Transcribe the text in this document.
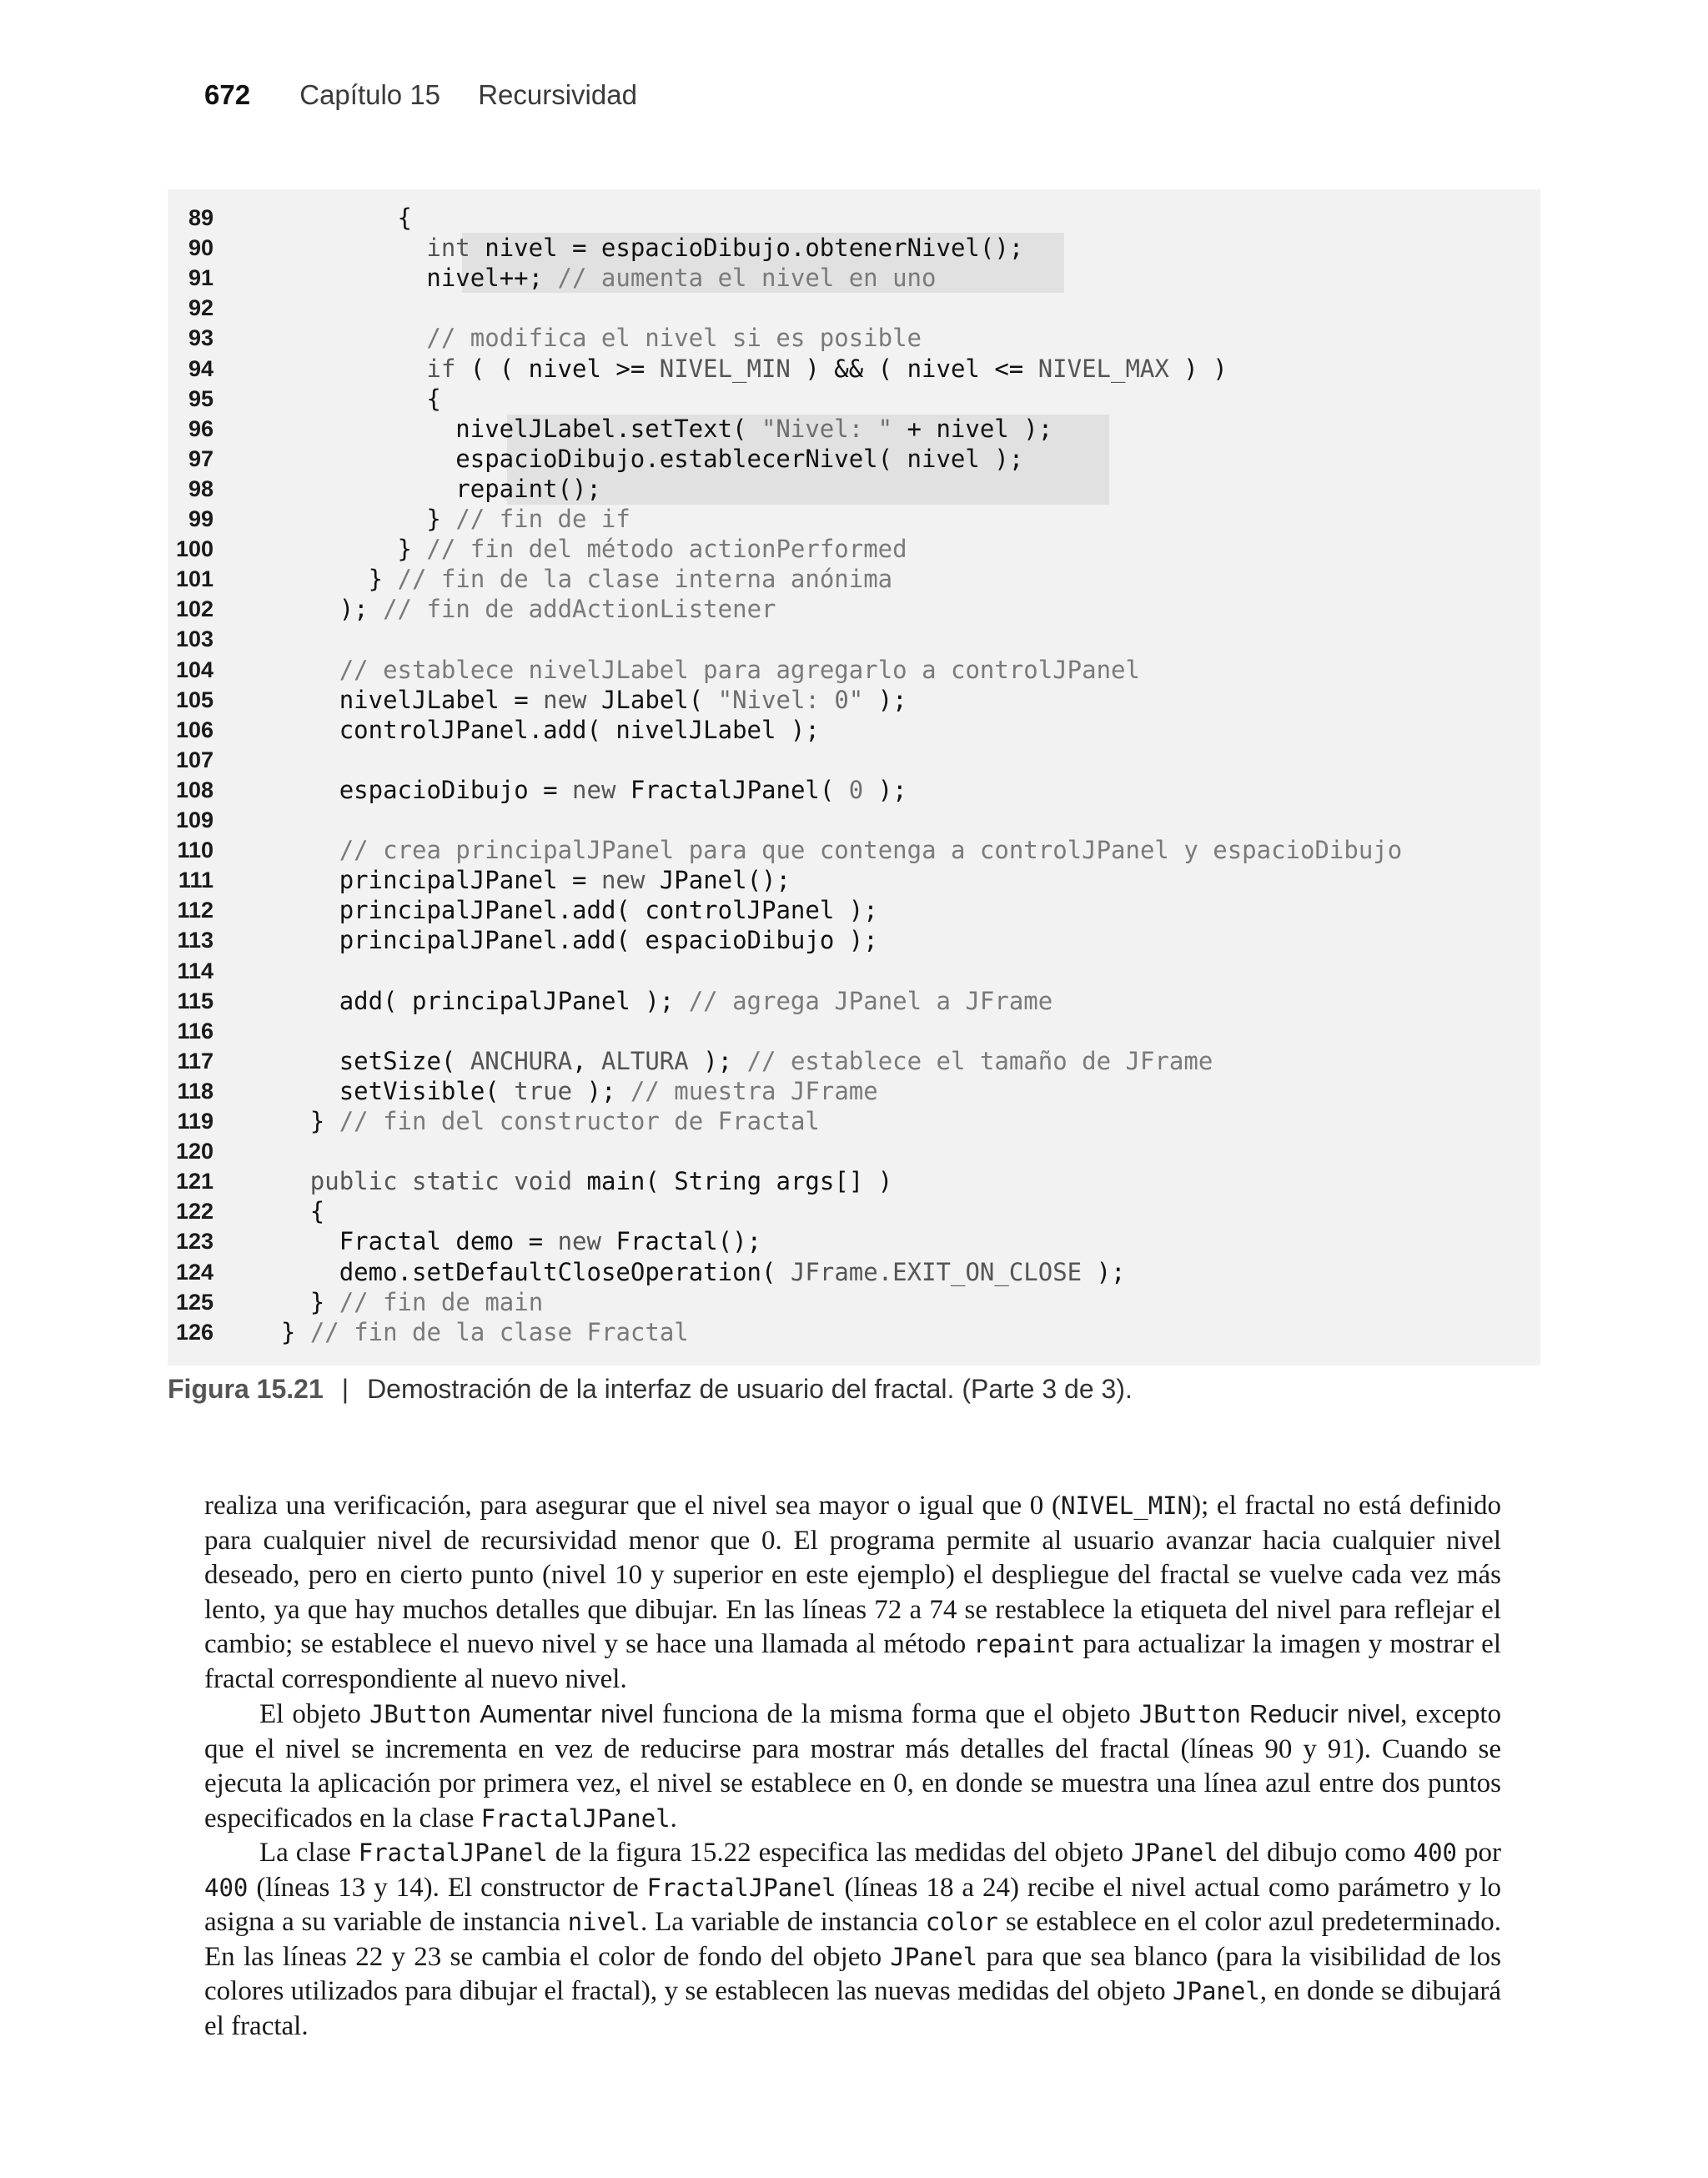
672 Capítulo 15 Recursividad
89	{
90	int nivel = espacioDibujo.obtenerNivel();
91	nivel++; // aumenta el nivel en uno
92
93	// modifica el nivel si es posible
94	if ( ( nivel >= NIVEL_MIN ) && ( nivel <= NIVEL_MAX ) )
95	{
96	nivelJLabel.setText( "Nivel: " + nivel );
97	espacioDibujo.establecerNivel( nivel );
98	repaint();
99	} // fin de if
100	} // fin del método actionPerformed
101	} // fin de la clase interna anónima
102	); // fin de addActionListener
103
104	// establece nivelJLabel para agregarlo a controlJPanel
105	nivelJLabel = new JLabel( "Nivel: 0" );
106	controlJPanel.add( nivelJLabel );
107
108	espacioDibujo = new FractalJPanel( 0 );
109
110	// crea principalJPanel para que contenga a controlJPanel y espacioDibujo
111	principalJPanel = new JPanel();
112	principalJPanel.add( controlJPanel );
113	principalJPanel.add( espacioDibujo );
114
115	add( principalJPanel ); // agrega JPanel a JFrame
116
117	setSize( ANCHURA, ALTURA ); // establece el tamaño de JFrame
118	setVisible( true ); // muestra JFrame
119	} // fin del constructor de Fractal
120
121	public static void main( String args[] )
122	{
123	Fractal demo = new Fractal();
124	demo.setDefaultCloseOperation( JFrame.EXIT_ON_CLOSE );
125	} // fin de main
126	} // fin de la clase Fractal
Figura 15.21 | Demostración de la interfaz de usuario del fractal. (Parte 3 de 3).

realiza una verificación, para asegurar que el nivel sea mayor o igual que 0 (NIVEL_MIN); el fractal no está definido para cualquier nivel de recursividad menor que 0. El programa permite al usuario avanzar hacia cualquier nivel deseado, pero en cierto punto (nivel 10 y superior en este ejemplo) el despliegue del fractal se vuelve cada vez más lento, ya que hay muchos detalles que dibujar. En las líneas 72 a 74 se restablece la etiqueta del nivel para reflejar el cambio; se establece el nuevo nivel y se hace una llamada al método repaint para actualizar la imagen y mostrar el fractal correspondiente al nuevo nivel.

El objeto JButton Aumentar nivel funciona de la misma forma que el objeto JButton Reducir nivel, excepto que el nivel se incrementa en vez de reducirse para mostrar más detalles del fractal (líneas 90 y 91). Cuando se ejecuta la aplicación por primera vez, el nivel se establece en 0, en donde se muestra una línea azul entre dos puntos especificados en la clase FractalJPanel.

La clase FractalJPanel de la figura 15.22 especifica las medidas del objeto JPanel del dibujo como 400 por 400 (líneas 13 y 14). El constructor de FractalJPanel (líneas 18 a 24) recibe el nivel actual como parámetro y lo asigna a su variable de instancia nivel. La variable de instancia color se establece en el color azul predeterminado. En las líneas 22 y 23 se cambia el color de fondo del objeto JPanel para que sea blanco (para la visibilidad de los colores utilizados para dibujar el fractal), y se establecen las nuevas medidas del objeto JPanel, en donde se dibujará el fractal.
